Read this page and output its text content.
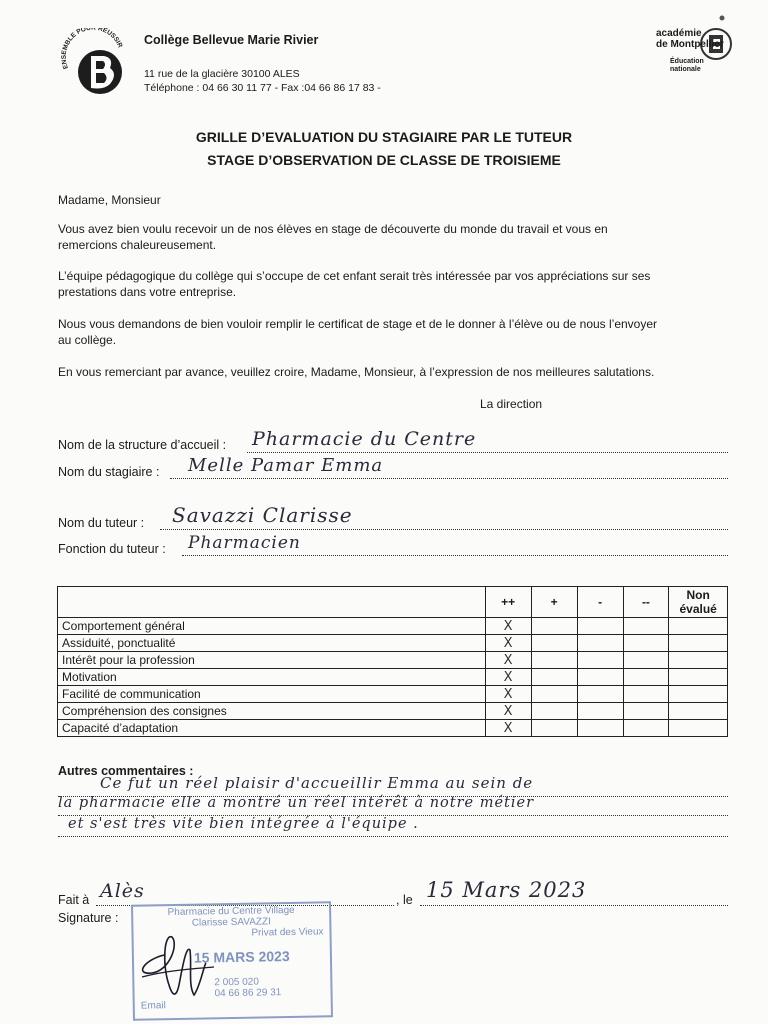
ENSEMBLE POUR RÉUSSIR Collège Bellevue Marie Rivier
11 rue de la glacière 30100 ALES
Téléphone : 04 66 30 11 77 - Fax :04 66 86 17 83 -
académie
de Montpellier
Éducation
nationale
GRILLE D’EVALUATION DU STAGIAIRE PAR LE TUTEUR
STAGE D’OBSERVATION DE CLASSE DE TROISIEME
Madame, Monsieur
Vous avez bien voulu recevoir un de nos élèves en stage de découverte du monde du travail et vous en remercions chaleureusement.
L’équipe pédagogique du collège qui s’occupe de cet enfant serait très intéressée par vos appréciations sur ses prestations dans votre entreprise.
Nous vous demandons de bien vouloir remplir le certificat de stage et de le donner à l’élève ou de nous l’envoyer au collège.
En vous remerciant par avance, veuillez croire, Madame, Monsieur, à l’expression de nos meilleures salutations.
La direction
Nom de la structure d’accueil : Pharmacie du Centre
Nom du stagiaire : Melle Pamar Emma
Nom du tuteur : Savazzi Clarisse
Fonction du tuteur : Pharmacien
	++	+	-	--	Non évalué
Comportement général	X				
Assiduité, ponctualité	X				
Intérêt pour la profession	X				
Motivation	X				
Facilité de communication	X				
Compréhension des consignes	X				
Capacité d’adaptation	X				
Autres commentaires :
Ce fut un réel plaisir d'accueillir Emma au sein de
la pharmacie elle a montré un réel intérêt à notre métier
et s'est très vite bien intégrée à l'équipe .
Fait à Alès	, le 15 Mars 2023
Signature :	Pharmacie du Centre Village
Clarisse SAVAZZI
Privat des Vieux
15 MARS 2023
2 005 020
04 66 86 29 31
Email
